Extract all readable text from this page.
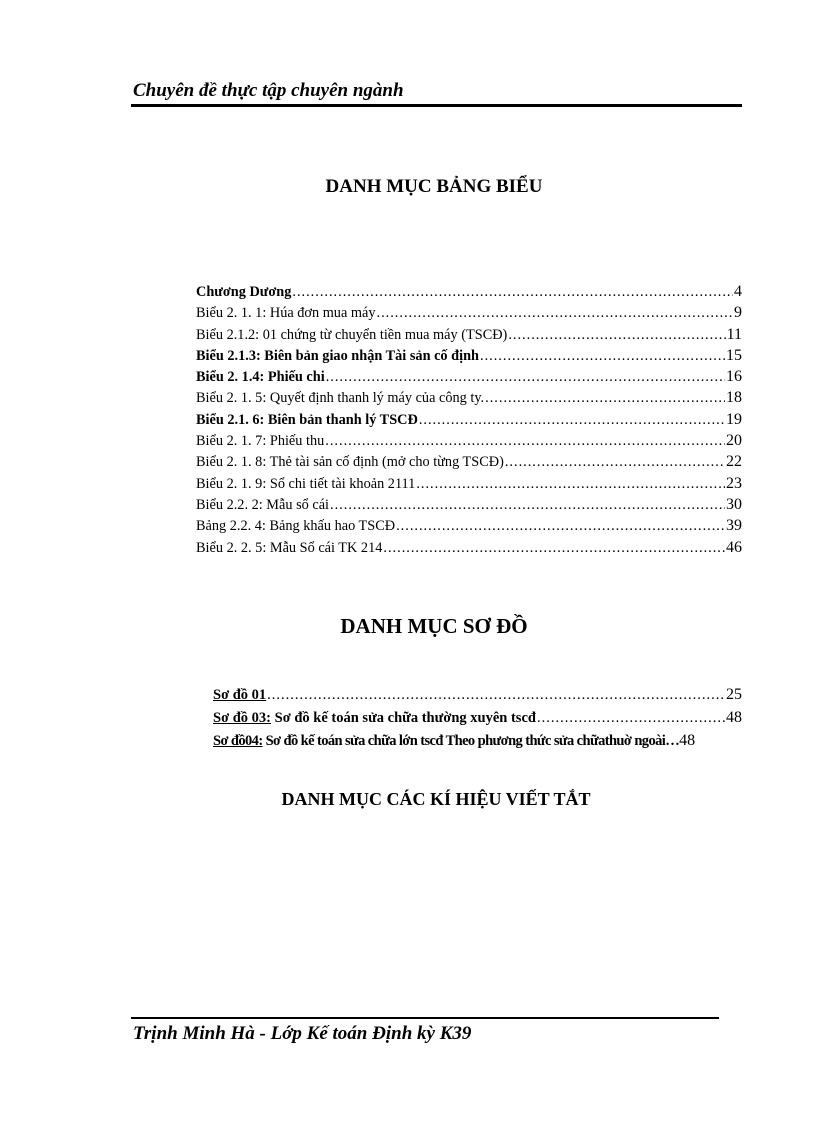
Chuyên đề thực tập chuyên ngành
DANH MỤC BẢNG BIỂU
Chương Dương .....	4
Biểu 2. 1. 1: Húa đơn mua máy .....	9
Biểu 2.1.2: 01 chứng từ chuyển tiền mua máy (TSCĐ) .....	11
Biểu 2.1.3: Biên bản giao nhận Tài sản cố định .....	15
Biểu 2. 1.4: Phiếu chi .....	16
Biểu 2. 1. 5: Quyết định thanh lý máy của công ty. .....	18
Biểu 2.1. 6: Biên bản thanh lý TSCĐ .....	19
Biểu 2. 1. 7: Phiếu thu .....	20
Biểu 2. 1. 8: Thẻ tài sản cố định (mở cho từng TSCĐ) .....	22
Biểu 2. 1. 9: Sổ chi tiết tài khoản 2111 .....	23
Biểu 2.2. 2: Mẫu sổ cái .....	30
Bảng 2.2. 4: Bảng khấu hao TSCĐ .....	39
Biểu 2. 2. 5: Mẫu Sổ cái TK 214 .....	46
DANH MỤC SƠ ĐỒ
Sơ đồ 01 .....	25
Sơ đồ 03: Sơ đồ kế toán sửa chữa thường xuyên tscđ .....	48
Sơ đồ04: Sơ đồ kế toán sửa chữa lớn tscđ Theo phương thức sửa chữathuờ ngoài… 48
DANH MỤC CÁC KÍ HIỆU VIẾT TẮT
Trịnh Minh Hà - Lớp Kế toán Định kỳ K39
